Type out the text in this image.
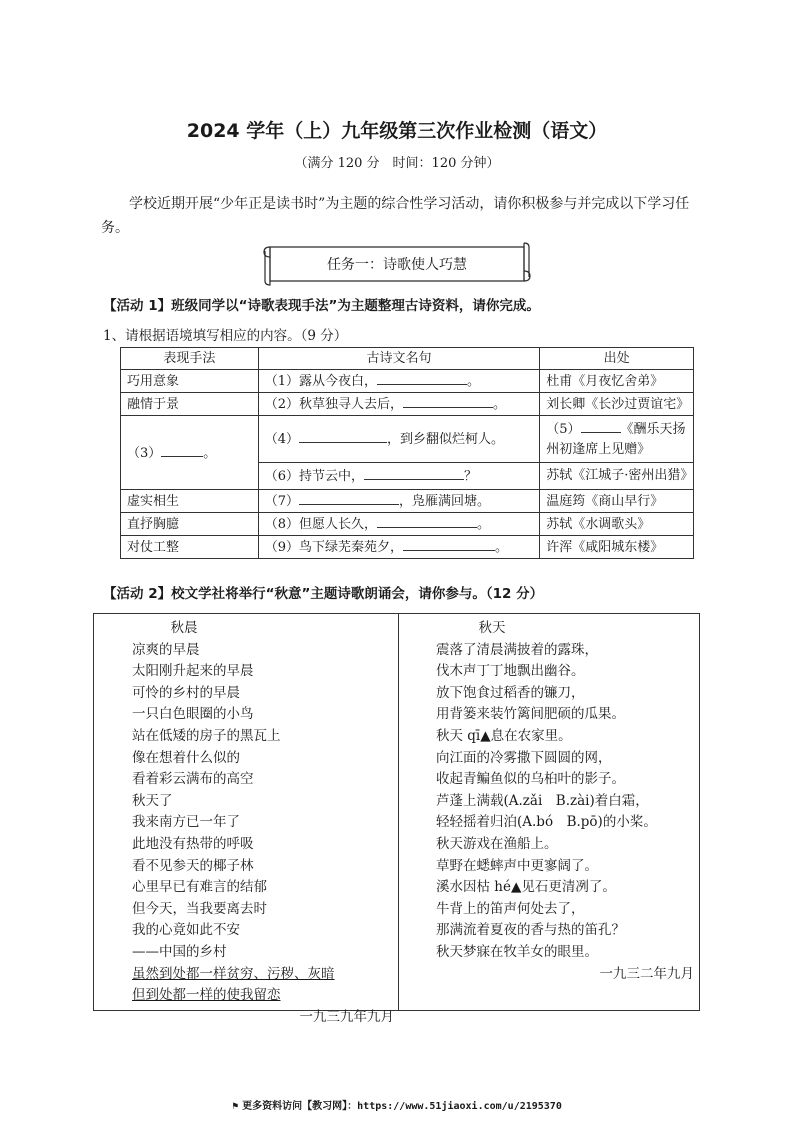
2024 学年（上）九年级第三次作业检测（语文）
（满分 120 分　时间：120 分钟）
学校近期开展“少年正是读书时”为主题的综合性学习活动，请你积极参与并完成以下学习任务。
任务一：诗歌使人巧慧
【活动 1】班级同学以“诗歌表现手法”为主题整理古诗资料，请你完成。
1、请根据语境填写相应的内容。（9 分）
表现手法	古诗文名句	出处
巧用意象	（1）露从今夜白， 。	杜甫《月夜忆舍弟》
融情于景	（2）秋草独寻人去后， 。	刘长卿《长沙过贾谊宅》
（3） 。	（4） ，到乡翻似烂柯人。	（5） 《酬乐天扬州初逢席上见赠》
	（6）持节云中， ？	苏轼《江城子·密州出猎》
虚实相生	（7） ，凫雁满回塘。	温庭筠《商山早行》
直抒胸臆	（8）但愿人长久， 。	苏轼《水调歌头》
对仗工整	（9）鸟下绿芜秦苑夕， 。	许浑《咸阳城东楼》
【活动 2】校文学社将举行“秋意”主题诗歌朗诵会，请你参与。（12 分）
秋晨
凉爽的早晨
太阳刚升起来的早晨
可怜的乡村的早晨
一只白色眼圈的小鸟
站在低矮的房子的黑瓦上
像在想着什么似的
看着彩云满布的高空
秋天了
我来南方已一年了
此地没有热带的呼吸
看不见参天的椰子林
心里早已有难言的结郁
但今天，当我要离去时
我的心竟如此不安
——中国的乡村
虽然到处都一样贫穷、污秽、灰暗
但到处都一样的使我留恋
一九三九年九月
秋天
震落了清晨满披着的露珠，
伐木声丁丁地飘出幽谷。
放下饱食过稻香的镰刀，
用背篓来装竹篱间肥硕的瓜果。
秋天 qī▲息在农家里。
向江面的冷雾撒下圆圆的网，
收起青鳊鱼似的乌桕叶的影子。
芦蓬上满载(A.zǎi　B.zài)着白霜，
轻轻摇着归泊(A.bó　B.pō)的小桨。
秋天游戏在渔船上。
草野在蟋蟀声中更寥阔了。
溪水因枯 hé▲见石更清冽了。
牛背上的笛声何处去了，
那满流着夏夜的香与热的笛孔？
秋天梦寐在牧羊女的眼里。
一九三二年九月
⚑ 更多资料访问【教习网】：https://www.51jiaoxi.com/u/2195370
